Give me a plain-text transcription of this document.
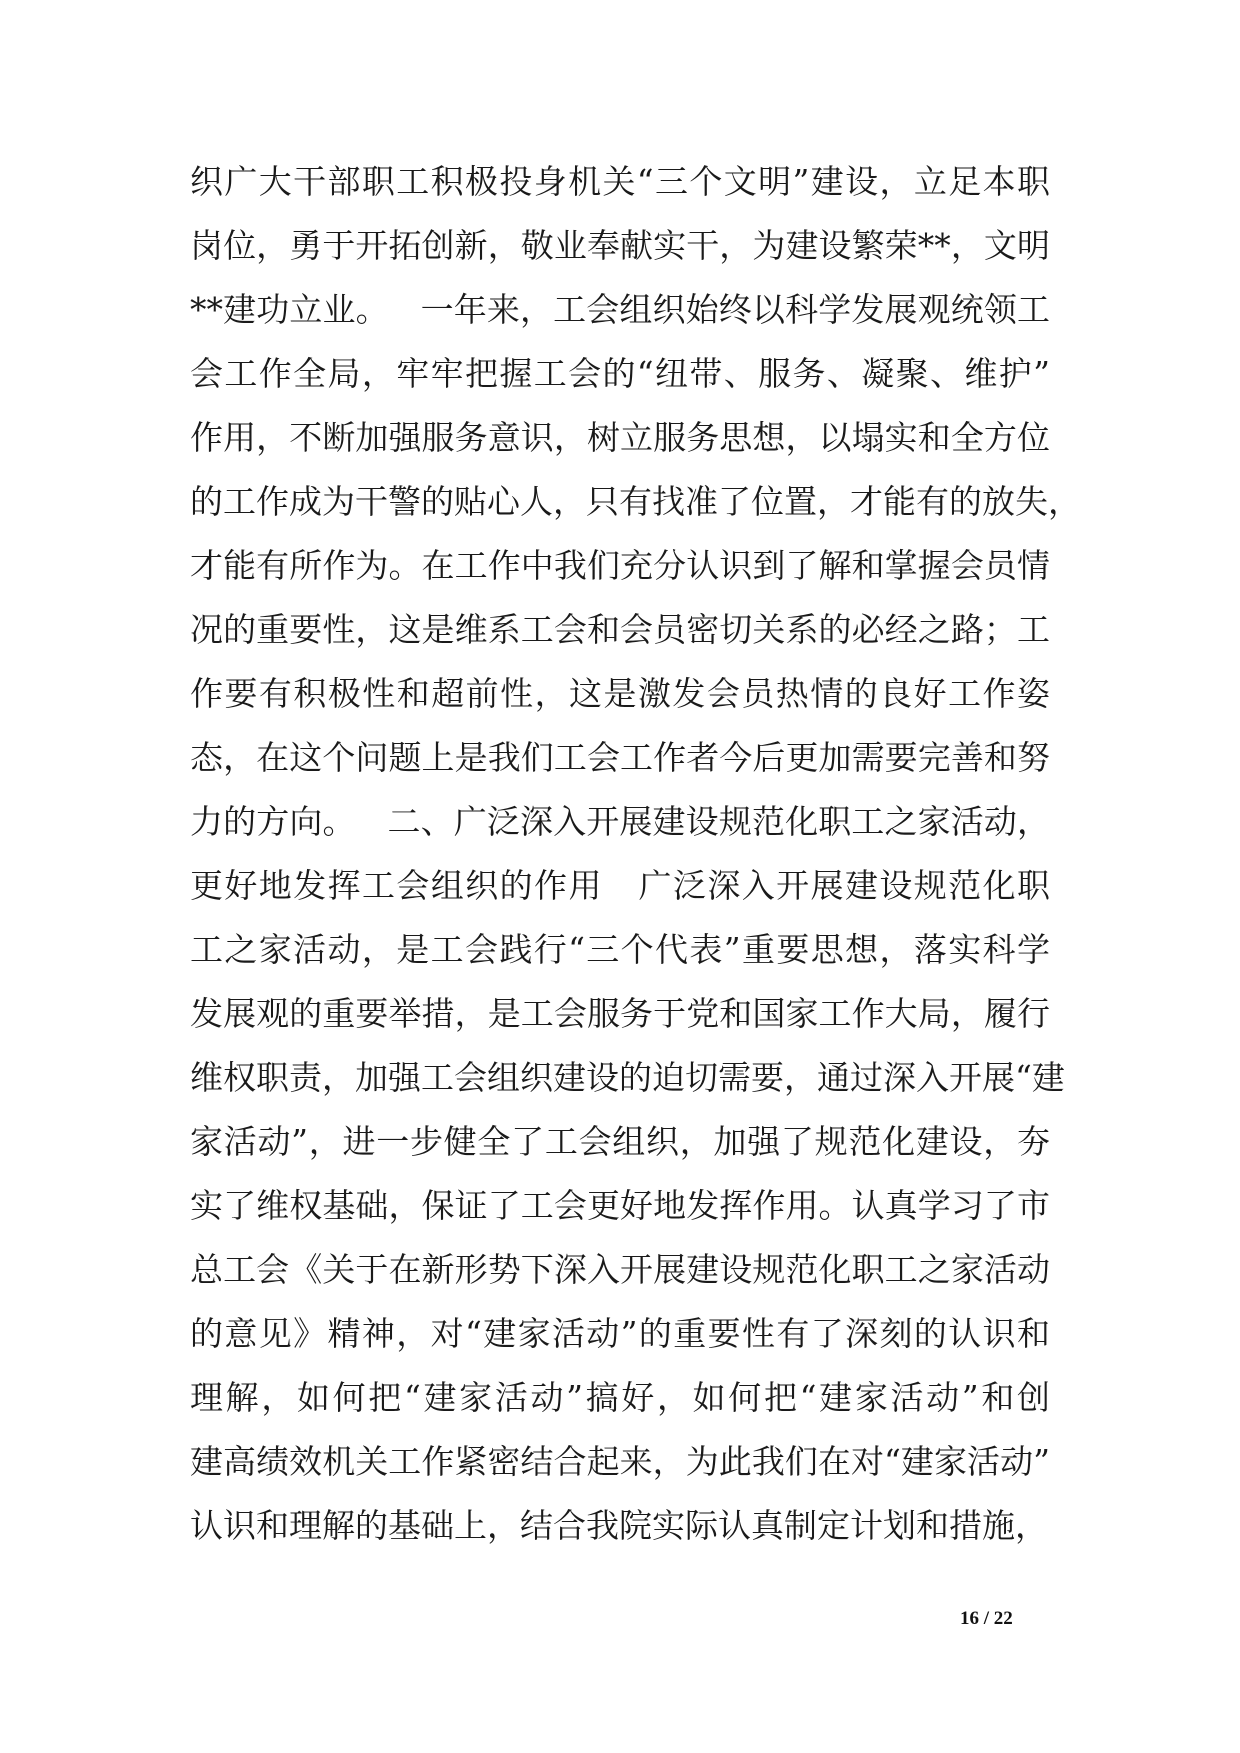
织广大干部职工积极投身机关“三个文明”建设，立足本职
岗位，勇于开拓创新，敬业奉献实干，为建设繁荣**，文明
**建功立业。   一年来，工会组织始终以科学发展观统领工
会工作全局，牢牢把握工会的“纽带、服务、凝聚、维护”
作用，不断加强服务意识，树立服务思想，以塌实和全方位
的工作成为干警的贴心人，只有找准了位置，才能有的放失，
才能有所作为。在工作中我们充分认识到了解和掌握会员情
况的重要性，这是维系工会和会员密切关系的必经之路；工
作要有积极性和超前性，这是激发会员热情的良好工作姿
态，在这个问题上是我们工会工作者今后更加需要完善和努
力的方向。   二、广泛深入开展建设规范化职工之家活动，
更好地发挥工会组织的作用   广泛深入开展建设规范化职
工之家活动，是工会践行“三个代表”重要思想，落实科学
发展观的重要举措，是工会服务于党和国家工作大局，履行
维权职责，加强工会组织建设的迫切需要，通过深入开展“建
家活动”，进一步健全了工会组织，加强了规范化建设，夯
实了维权基础，保证了工会更好地发挥作用。认真学习了市
总工会《关于在新形势下深入开展建设规范化职工之家活动
的意见》精神，对“建家活动”的重要性有了深刻的认识和
理解，如何把“建家活动”搞好，如何把“建家活动”和创
建高绩效机关工作紧密结合起来，为此我们在对“建家活动”
认识和理解的基础上，结合我院实际认真制定计划和措施，
16 / 22
